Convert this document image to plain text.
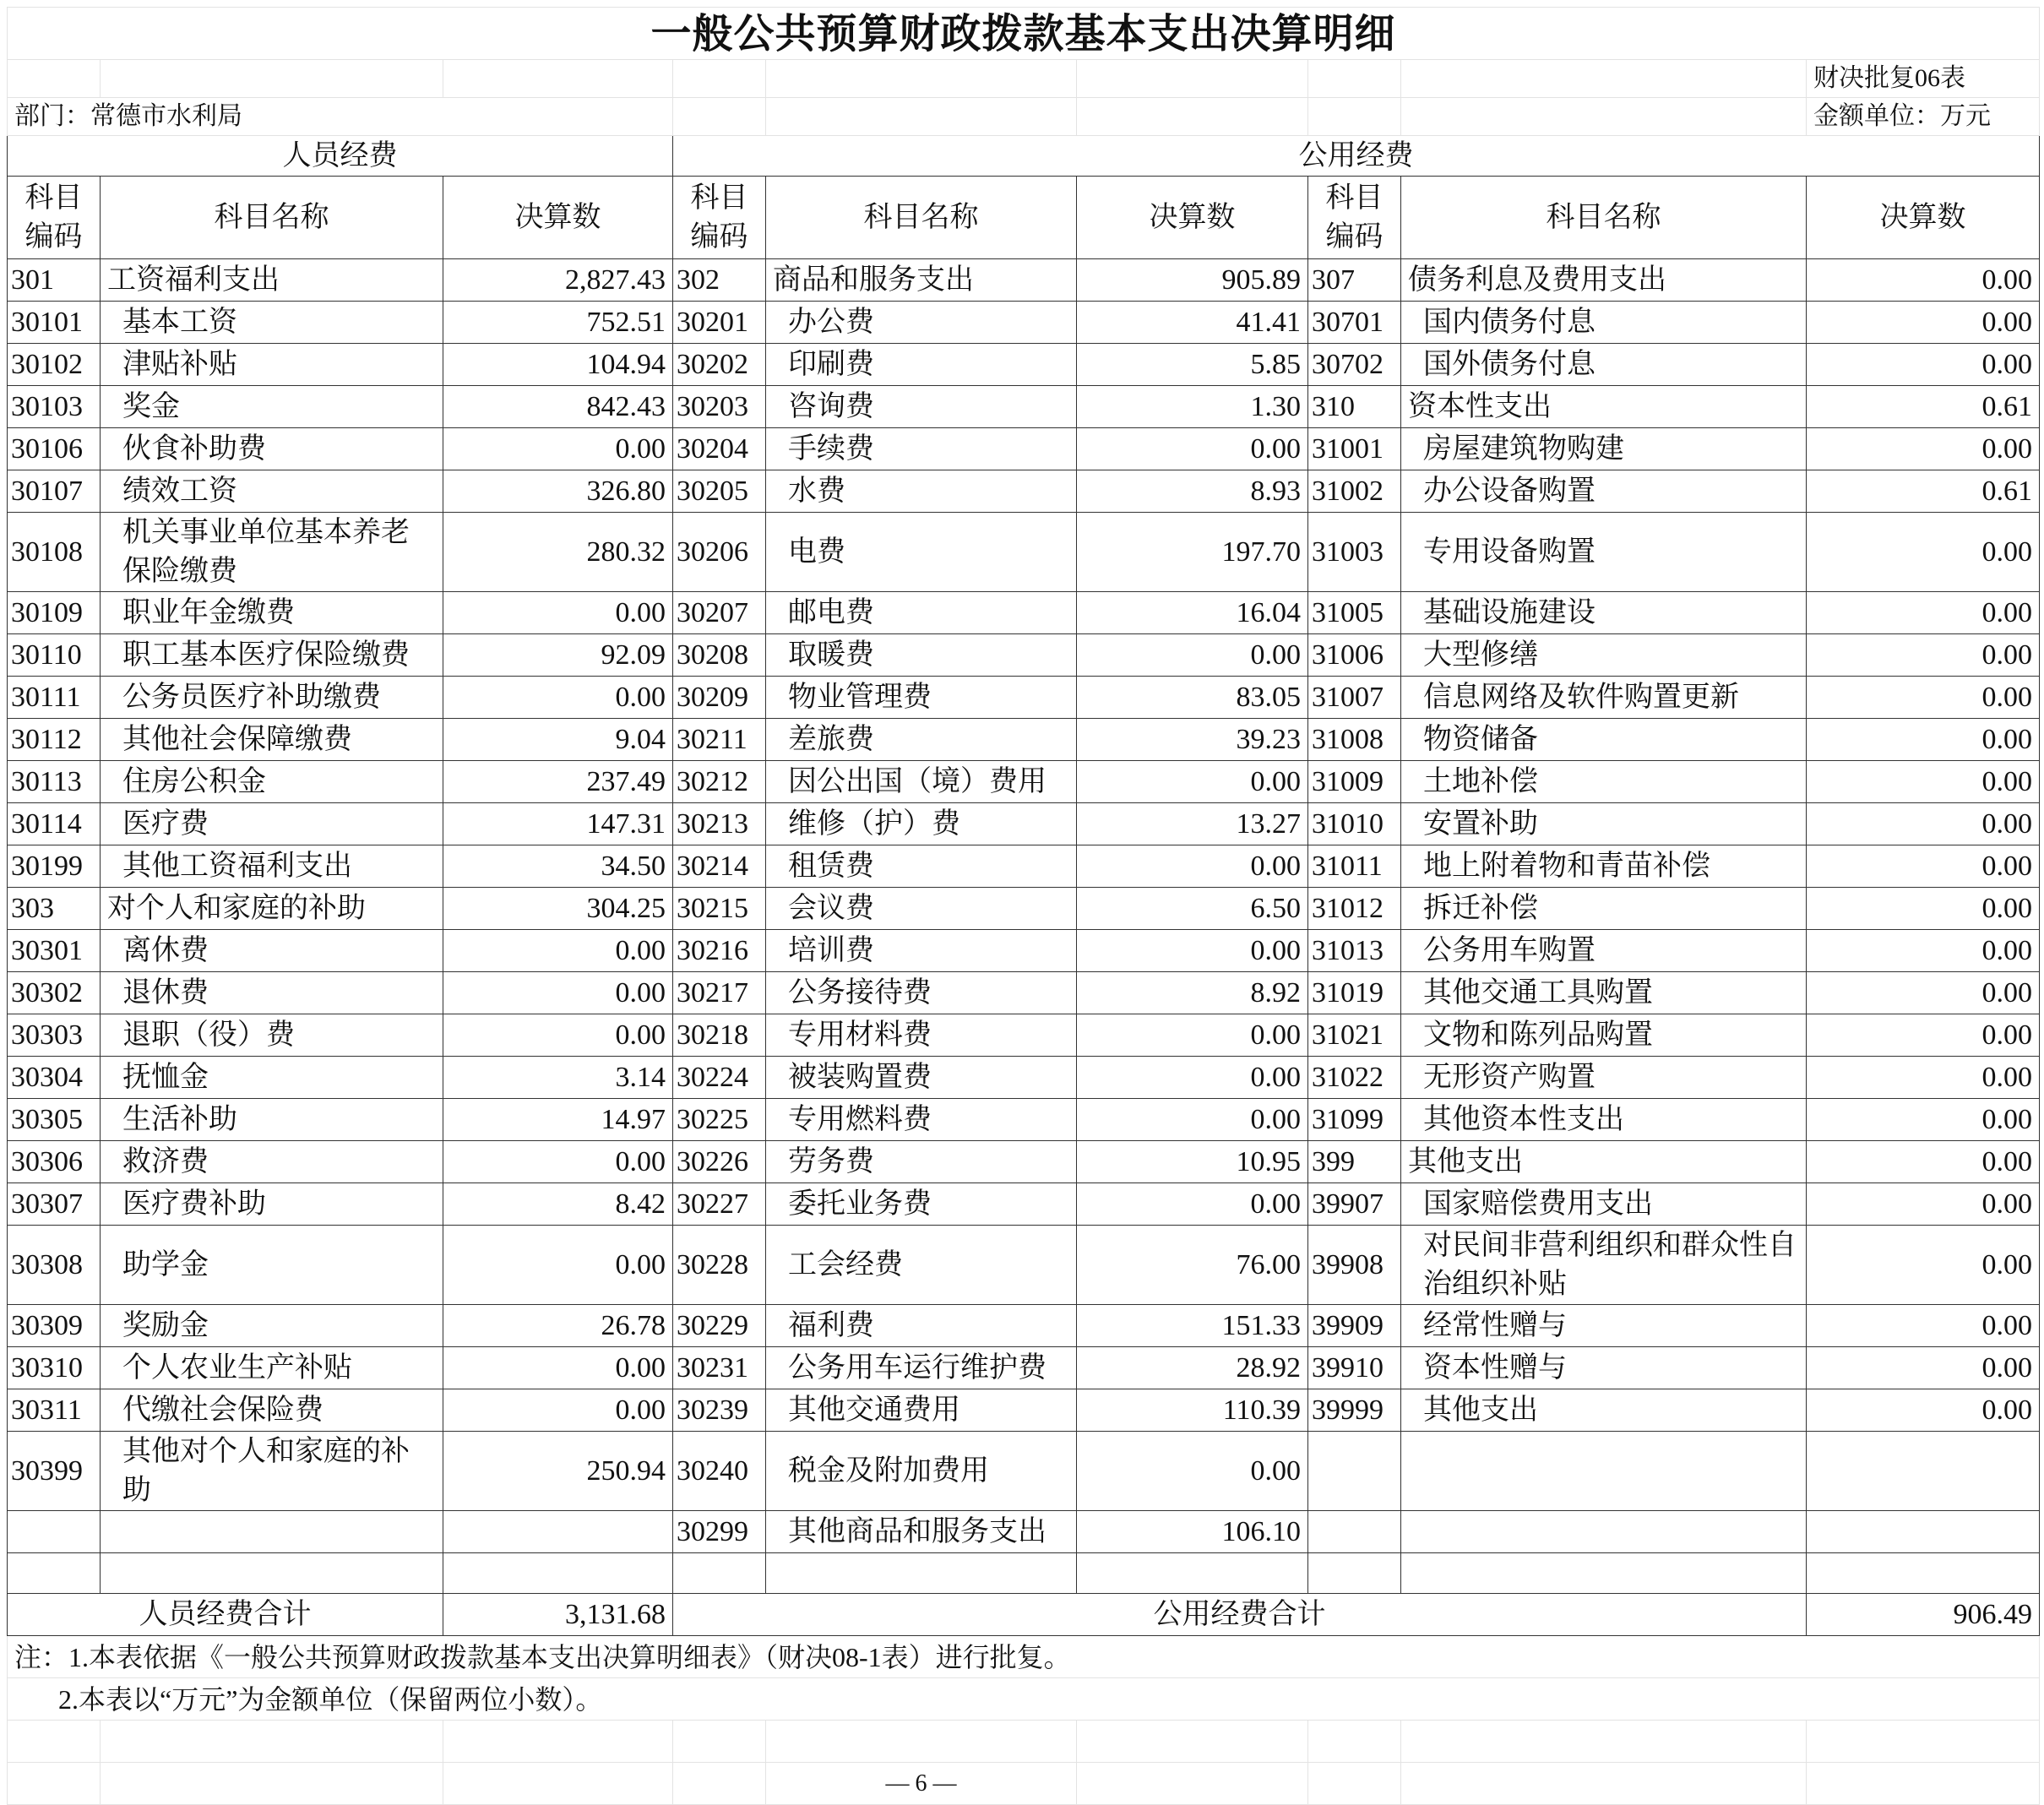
一般公共预算财政拨款基本支出决算明细								
								财决批复06表
部门：常德市水利局								金额单位：万元
人员经费			公用经费					
科目编码	科目名称	决算数	科目编码	科目名称	决算数	科目编码	科目名称	决算数
301	工资福利支出	2,827.43	302	商品和服务支出	905.89	307	债务利息及费用支出	0.00
30101	基本工资	752.51	30201	办公费	41.41	30701	国内债务付息	0.00
30102	津贴补贴	104.94	30202	印刷费	5.85	30702	国外债务付息	0.00
30103	奖金	842.43	30203	咨询费	1.30	310	资本性支出	0.61
30106	伙食补助费	0.00	30204	手续费	0.00	31001	房屋建筑物购建	0.00
30107	绩效工资	326.80	30205	水费	8.93	31002	办公设备购置	0.61
30108	机关事业单位基本养老保险缴费	280.32	30206	电费	197.70	31003	专用设备购置	0.00
30109	职业年金缴费	0.00	30207	邮电费	16.04	31005	基础设施建设	0.00
30110	职工基本医疗保险缴费	92.09	30208	取暖费	0.00	31006	大型修缮	0.00
30111	公务员医疗补助缴费	0.00	30209	物业管理费	83.05	31007	信息网络及软件购置更新	0.00
30112	其他社会保障缴费	9.04	30211	差旅费	39.23	31008	物资储备	0.00
30113	住房公积金	237.49	30212	因公出国（境）费用	0.00	31009	土地补偿	0.00
30114	医疗费	147.31	30213	维修（护）费	13.27	31010	安置补助	0.00
30199	其他工资福利支出	34.50	30214	租赁费	0.00	31011	地上附着物和青苗补偿	0.00
303	对个人和家庭的补助	304.25	30215	会议费	6.50	31012	拆迁补偿	0.00
30301	离休费	0.00	30216	培训费	0.00	31013	公务用车购置	0.00
30302	退休费	0.00	30217	公务接待费	8.92	31019	其他交通工具购置	0.00
30303	退职（役）费	0.00	30218	专用材料费	0.00	31021	文物和陈列品购置	0.00
30304	抚恤金	3.14	30224	被装购置费	0.00	31022	无形资产购置	0.00
30305	生活补助	14.97	30225	专用燃料费	0.00	31099	其他资本性支出	0.00
30306	救济费	0.00	30226	劳务费	10.95	399	其他支出	0.00
30307	医疗费补助	8.42	30227	委托业务费	0.00	39907	国家赔偿费用支出	0.00
30308	助学金	0.00	30228	工会经费	76.00	39908	对民间非营利组织和群众性自治组织补贴	0.00
30309	奖励金	26.78	30229	福利费	151.33	39909	经常性赠与	0.00
30310	个人农业生产补贴	0.00	30231	公务用车运行维护费	28.92	39910	资本性赠与	0.00
30311	代缴社会保险费	0.00	30239	其他交通费用	110.39	39999	其他支出	0.00
30399	其他对个人和家庭的补助	250.94	30240	税金及附加费用	0.00			
			30299	其他商品和服务支出	106.10			

人员经费合计		3,131.68	公用经费合计					906.49
注：1.本表依据《一般公共预算财政拨款基本支出决算明细表》（财决08-1表）进行批复。								
2.本表以“万元”为金额单位（保留两位小数）。								

				— 6 —				
